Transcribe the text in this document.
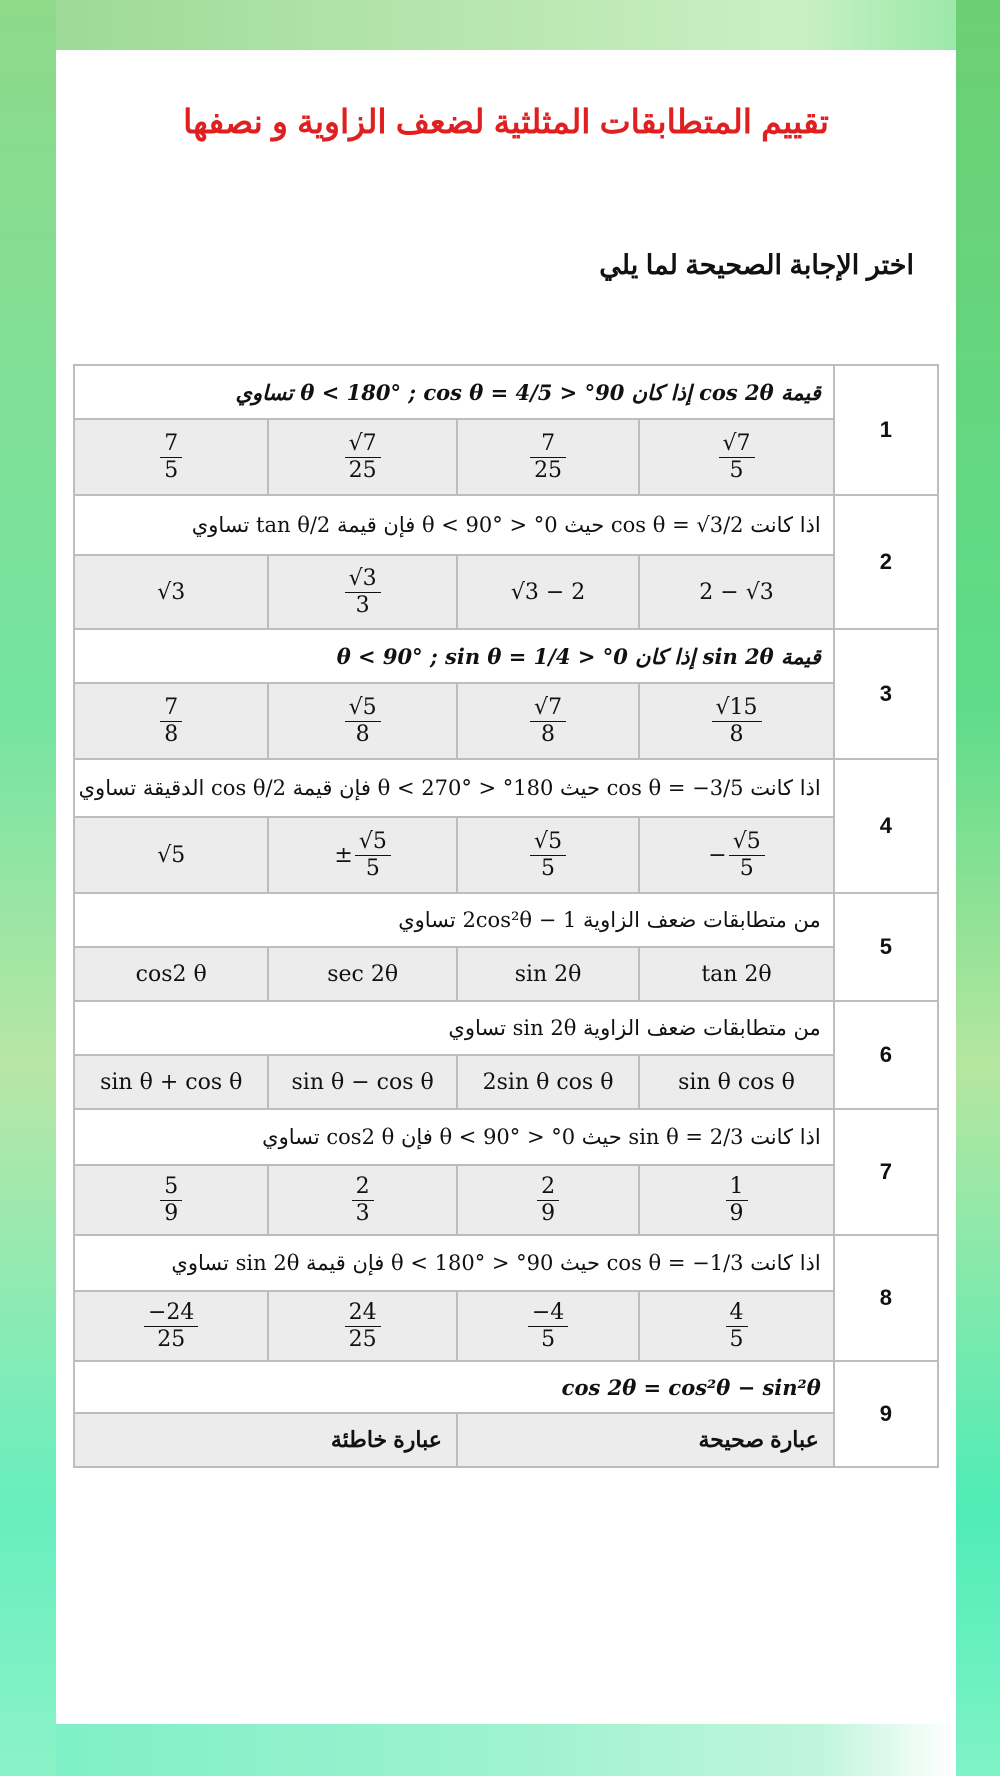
تقييم المتطابقات المثلثية لضعف الزاوية و نصفها
اختر الإجابة الصحيحة لما يلي
قيمة cos 2θ إذا كان 90° < θ < 180° ; cos θ = 4/5 تساوي				1

$\frac{7}{5}$	$\frac{√7}{25}$	$\frac{7}{25}$	$\frac{√7}{5}$

اذا كانت cos θ = √3/2 حيث 0° < θ < 90° فإن قيمة tan θ/2 تساوي				2
√3	$\frac{√3}{3}$	√3 − 2	2 − √3	
قيمة sin 2θ إذا كان 0° < θ < 90° ; sin θ = 1/4				3

$\frac{7}{8}$	$\frac{√5}{8}$	$\frac{√7}{8}$	$\frac{√15}{8}$

اذا كانت cos θ = −3/5 حيث 180° < θ < 270° فإن قيمة cos θ/2 الدقيقة تساوي				4
√5	± $\frac{√5}{5}$	$\frac{√5}{5}$	− $\frac{√5}{5}$

من متطابقات ضعف الزاوية 2cos²θ − 1 تساوي				5
cos2 θ	sec 2θ	sin 2θ	tan 2θ	
من متطابقات ضعف الزاوية sin 2θ تساوي				6
sin θ + cos θ	sin θ − cos θ	2sin θ cos θ	sin θ cos θ	
اذا كانت sin θ = 2/3 حيث 0° < θ < 90° فإن cos2 θ تساوي				7

$\frac{5}{9}$	$\frac{2}{3}$	$\frac{2}{9}$	$\frac{1}{9}$

اذا كانت cos θ = −1/3 حيث 90° < θ < 180° فإن قيمة sin 2θ تساوي				8

$\frac{-24}{25}$	$\frac{24}{25}$	$\frac{-4}{5}$	$\frac{4}{5}$

cos 2θ = cos²θ − sin²θ				9
عبارة خاطئة		عبارة صحيحة		
